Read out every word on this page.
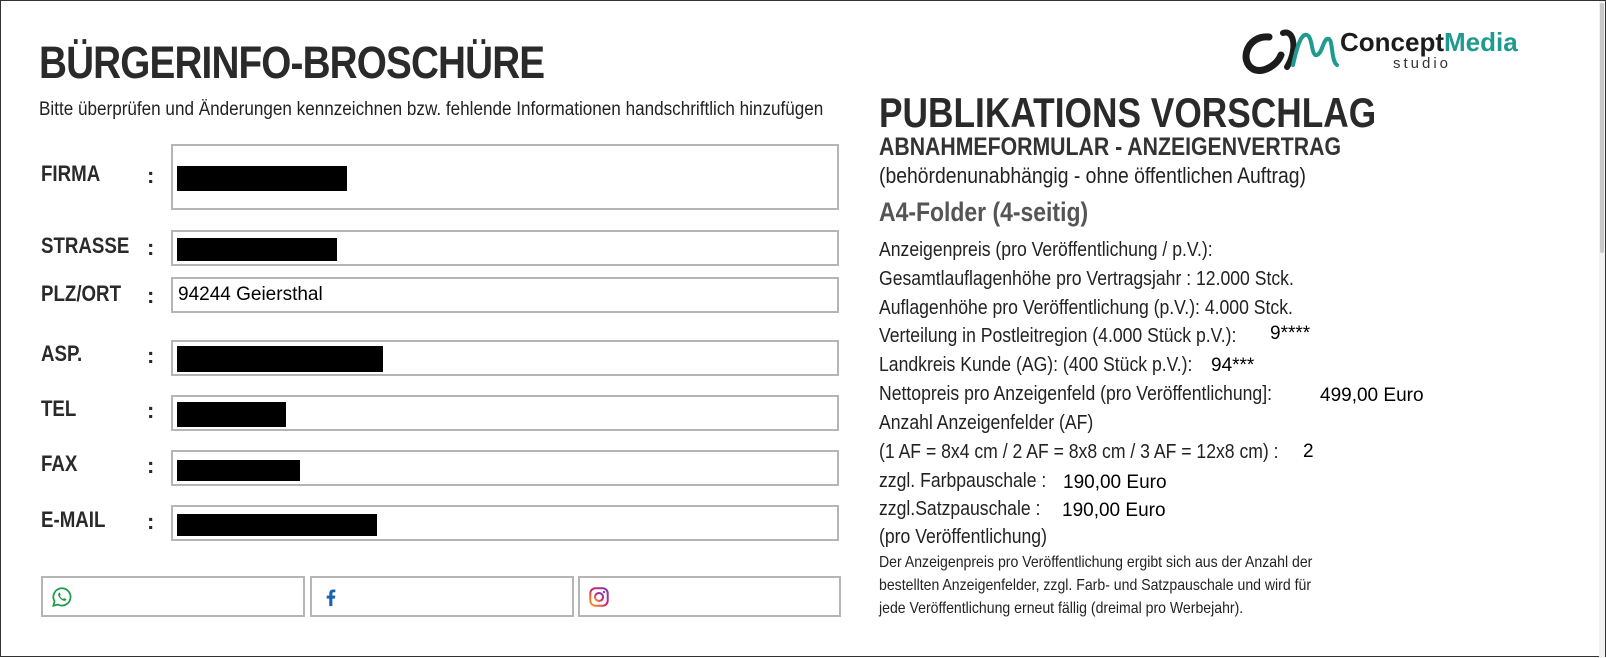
BÜRGERINFO-BROSCHÜRE
Bitte überprüfen und Änderungen kennzeichnen bzw. fehlende Informationen handschriftlich hinzufügen
FIRMA :
STRASSE :
PLZ/ORT : 94244 Geiersthal
ASP.	:
TEL	:
FAX	:
E-MAIL :
ConceptMedia
studio
PUBLIKATIONS VORSCHLAG
ABNAHMEFORMULAR - ANZEIGENVERTRAG
(behördenunabhängig - ohne öffentlichen Auftrag)
A4-Folder (4-seitig)
Anzeigenpreis (pro Veröffentlichung / p.V.):
Gesamtlauflagenhöhe pro Vertragsjahr : 12.000 Stck.
Auflagenhöhe pro Veröffentlichung (p.V.): 4.000 Stck.
Verteilung in Postleitregion (4.000 Stück p.V.): 9****
Landkreis Kunde (AG): (400 Stück p.V.): 94***
Nettopreis pro Anzeigenfeld (pro Veröffentlichung]:	499,00 Euro
Anzahl Anzeigenfelder (AF)
(1 AF = 8x4 cm / 2 AF = 8x8 cm / 3 AF = 12x8 cm) : 2
zzgl. Farbpauschale : 190,00 Euro
zzgl.Satzpauschale : 190,00 Euro
(pro Veröffentlichung)
Der Anzeigenpreis pro Veröffentlichung ergibt sich aus der Anzahl der
bestellten Anzeigenfelder, zzgl. Farb- und Satzpauschale und wird für
jede Veröffentlichung erneut fällig (dreimal pro Werbejahr).
